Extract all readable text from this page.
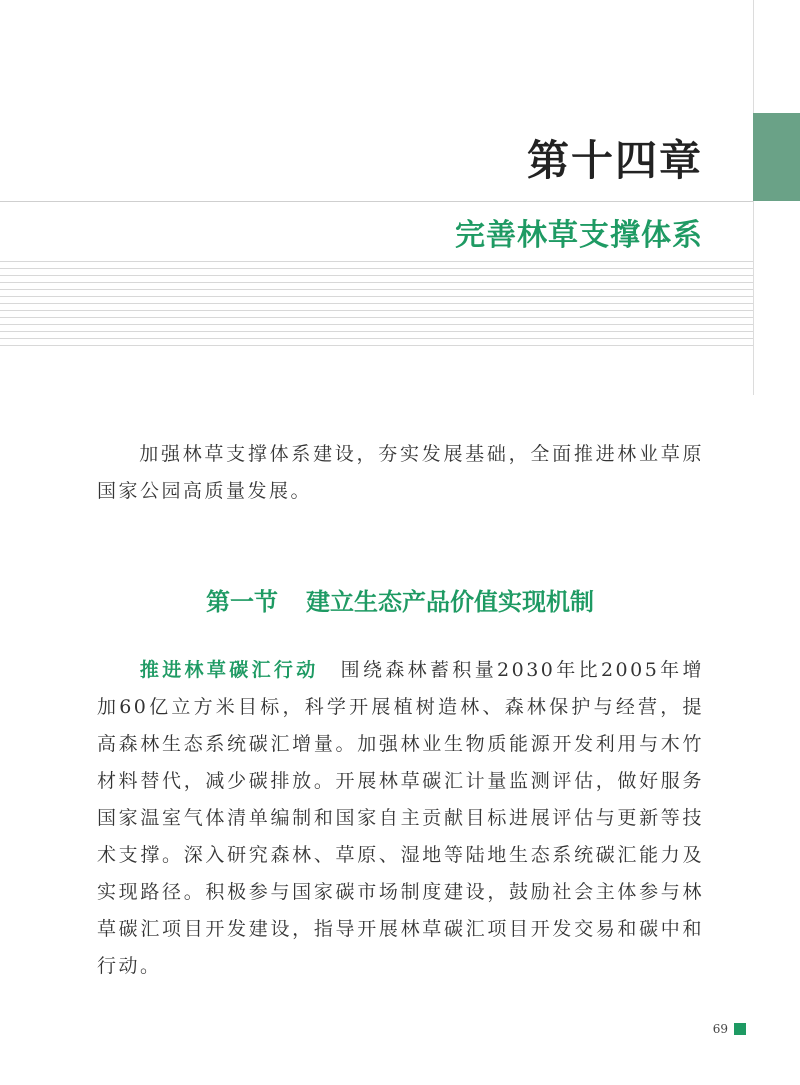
第十四章
完善林草支撑体系

加强林草支撑体系建设，夯实发展基础，全面推进林业草原国家公园高质量发展。

第一节 建立生态产品价值实现机制

推进林草碳汇行动 围绕森林蓄积量2030年比2005年增加60亿立方米目标，科学开展植树造林、森林保护与经营，提高森林生态系统碳汇增量。加强林业生物质能源开发利用与木竹材料替代，减少碳排放。开展林草碳汇计量监测评估，做好服务国家温室气体清单编制和国家自主贡献目标进展评估与更新等技术支撑。深入研究森林、草原、湿地等陆地生态系统碳汇能力及实现路径。积极参与国家碳市场制度建设，鼓励社会主体参与林草碳汇项目开发建设，指导开展林草碳汇项目开发交易和碳中和行动。

69
